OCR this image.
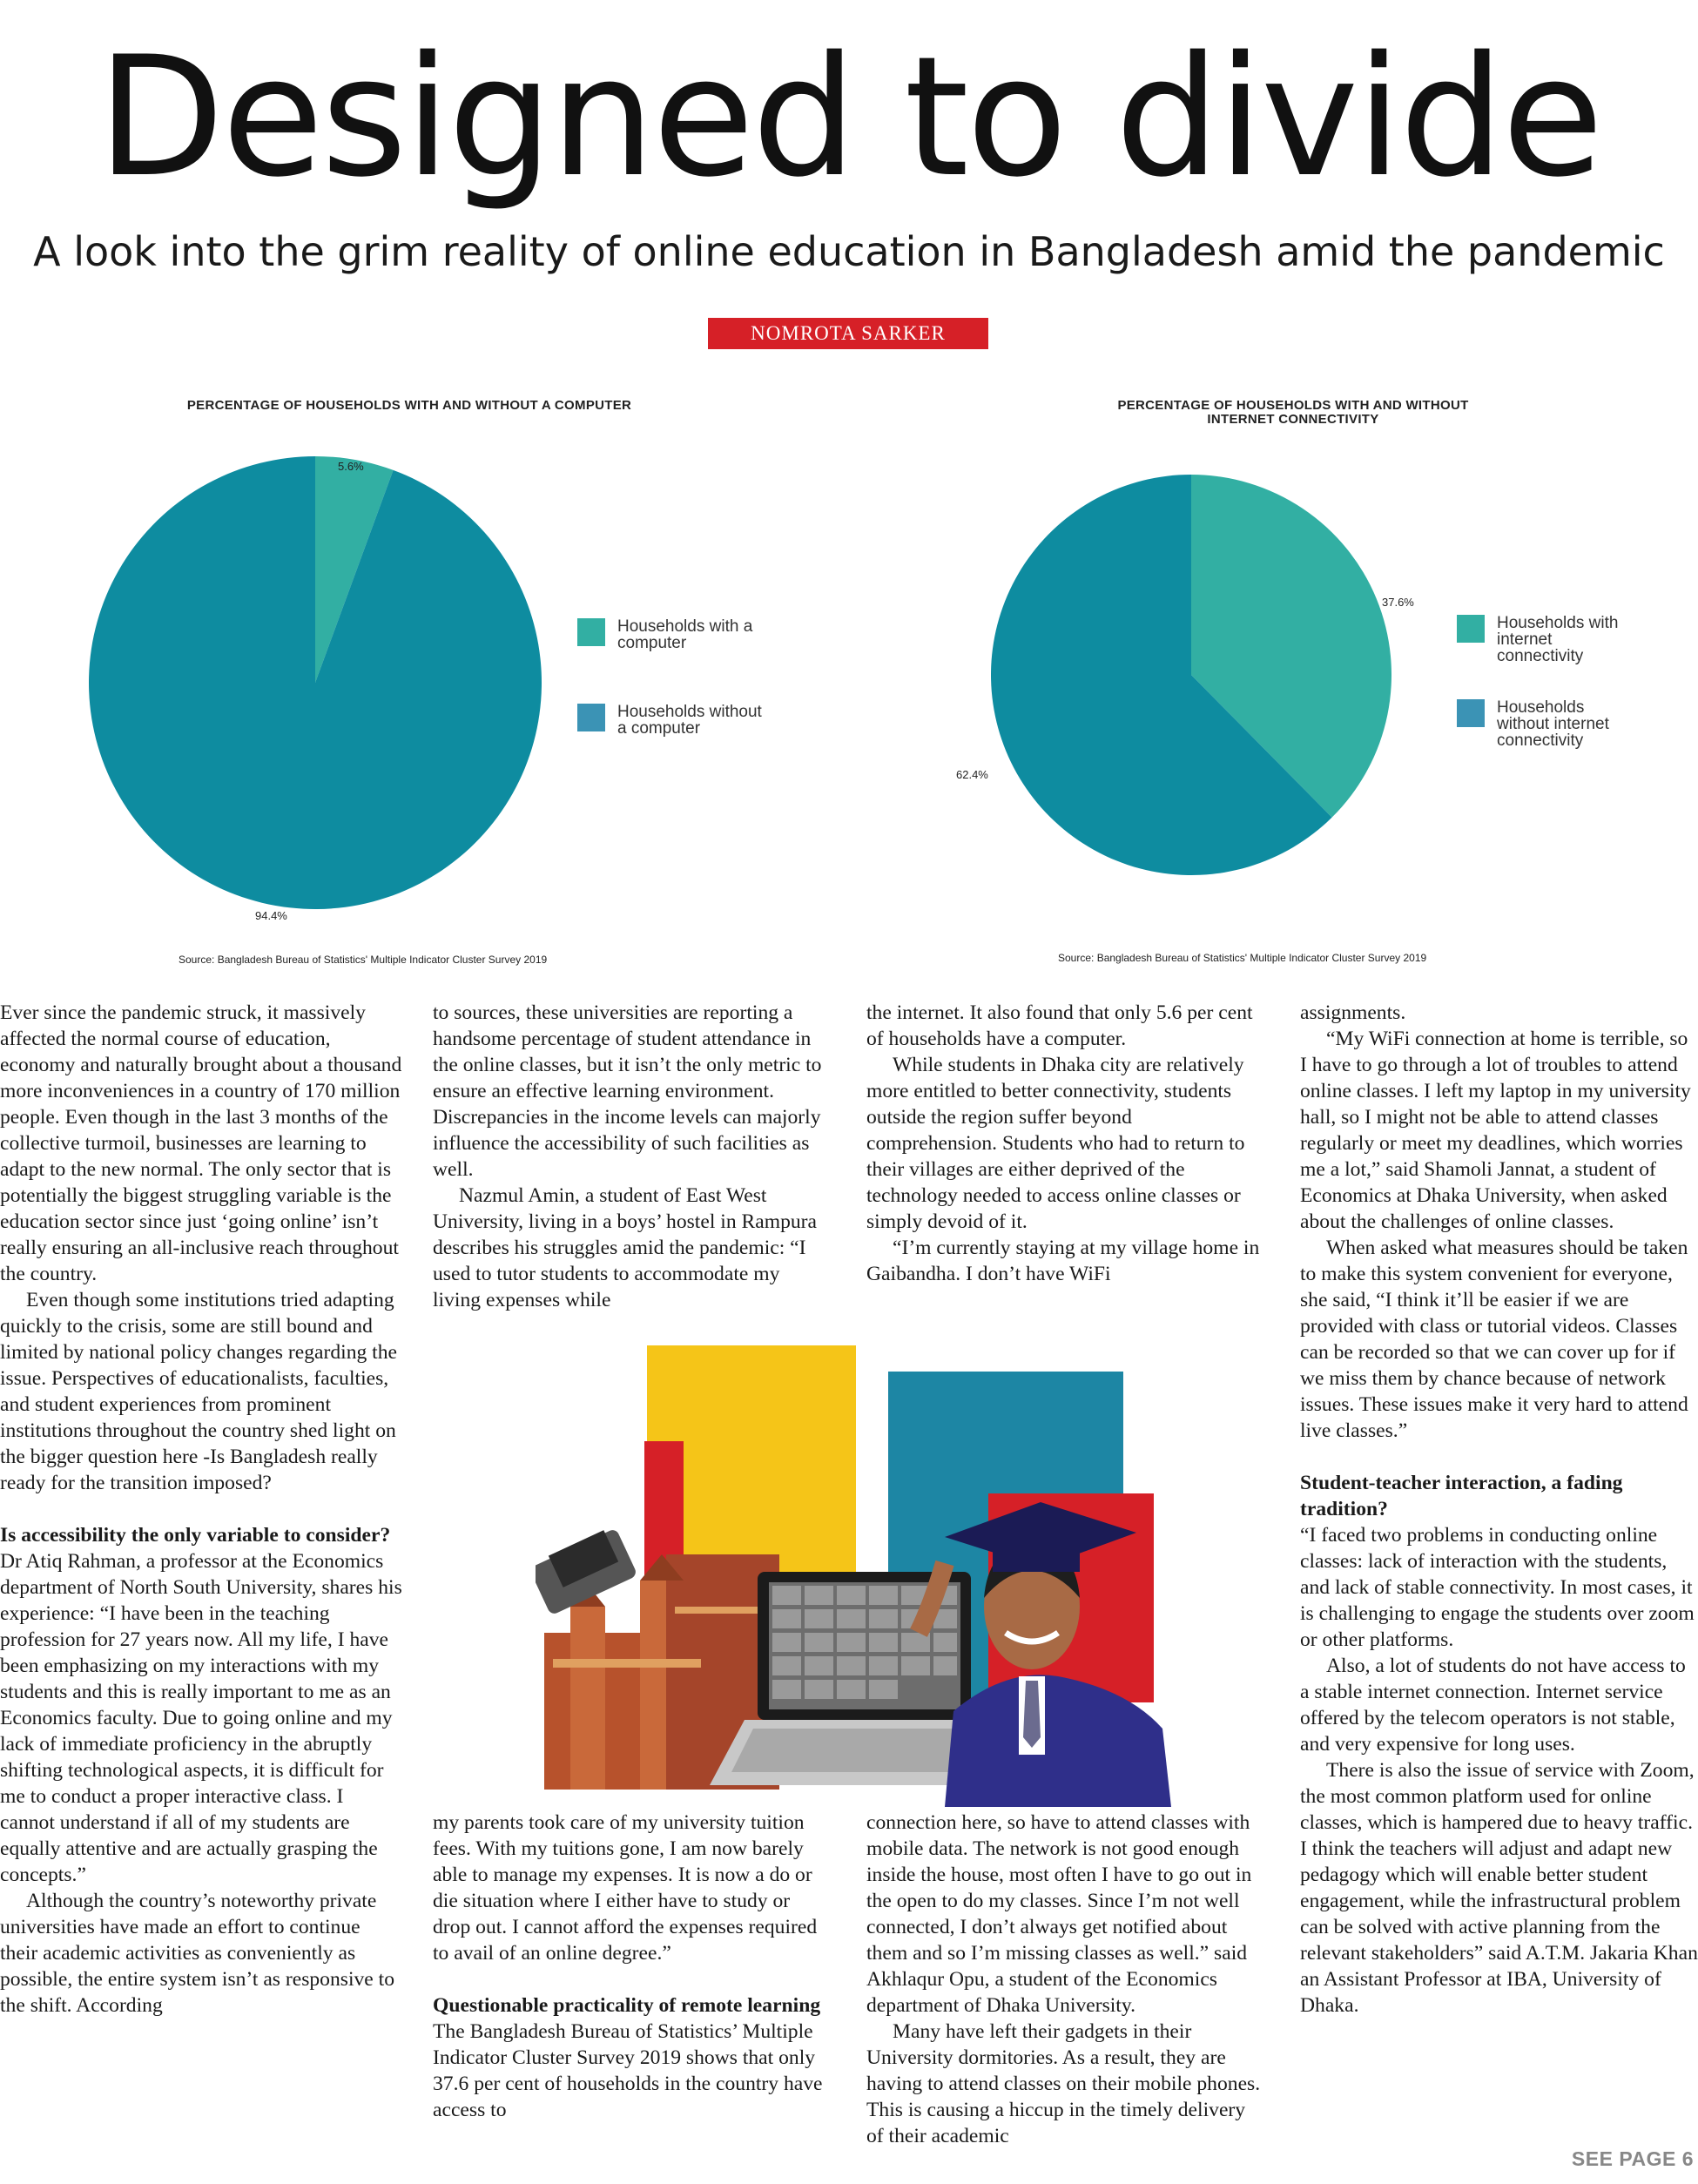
Designed to divide

A look into the grim reality of online education in Bangladesh amid the pandemic

NOMROTA SARKER
PERCENTAGE OF HOUSEHOLDS WITH AND WITHOUT A COMPUTER
5.6%
94.4%
Households with a computer
Households without a computer
Source: Bangladesh Bureau of Statistics' Multiple Indicator Cluster Survey 2019
PERCENTAGE OF HOUSEHOLDS WITH AND WITHOUT INTERNET CONNECTIVITY
37.6%
62.4%
Households with internet connectivity
Households without internet connectivity
Source: Bangladesh Bureau of Statistics' Multiple Indicator Cluster Survey 2019

Ever since the pandemic struck, it massively affected the normal course of education, economy and naturally brought about a thousand more inconveniences in a country of 170 million people. Even though in the last 3 months of the collective turmoil, businesses are learning to adapt to the new normal. The only sector that is potentially the biggest struggling variable is the education sector since just ‘going online’ isn’t really ensuring an all-inclusive reach throughout the country.

Even though some institutions tried adapting quickly to the crisis, some are still bound and limited by national policy changes regarding the issue. Perspectives of educationalists, faculties, and student experiences from prominent institutions throughout the country shed light on the bigger question here -Is Bangladesh really ready for the transition imposed?

Is accessibility the only variable to consider?

Dr Atiq Rahman, a professor at the Economics department of North South University, shares his experience: “I have been in the teaching profession for 27 years now. All my life, I have been emphasizing on my interactions with my students and this is really important to me as an Economics faculty. Due to going online and my lack of immediate proficiency in the abruptly shifting technological aspects, it is difficult for me to conduct a proper interactive class. I cannot understand if all of my students are equally attentive and are actually grasping the concepts.”

Although the country’s noteworthy private universities have made an effort to continue their academic activities as conveniently as possible, the entire system isn’t as responsive to the shift. According

to sources, these universities are reporting a handsome percentage of student attendance in the online classes, but it isn’t the only metric to ensure an effective learning environment. Discrepancies in the income levels can majorly influence the accessibility of such facilities as well.

Nazmul Amin, a student of East West University, living in a boys’ hostel in Rampura describes his struggles amid the pandemic: “I used to tutor students to accommodate my living expenses while

the internet. It also found that only 5.6 per cent of households have a computer.

While students in Dhaka city are relatively more entitled to better connectivity, students outside the region suffer beyond comprehension. Students who had to return to their villages are either deprived of the technology needed to access online classes or simply devoid of it.

“I’m currently staying at my village home in Gaibandha. I don’t have WiFi

assignments.

“My WiFi connection at home is terrible, so I have to go through a lot of troubles to attend online classes. I left my laptop in my university hall, so I might not be able to attend classes regularly or meet my deadlines, which worries me a lot,” said Shamoli Jannat, a student of Economics at Dhaka University, when asked about the challenges of online classes.

When asked what measures should be taken to make this system convenient for everyone, she said, “I think it’ll be easier if we are provided with class or tutorial videos. Classes can be recorded so that we can cover up for if we miss them by chance because of network issues. These issues make it very hard to attend live classes.”

Student-teacher interaction, a fading tradition?

“I faced two problems in conducting online classes: lack of interaction with the students, and lack of stable connectivity. In most cases, it is challenging to engage the students over zoom or other platforms.

Also, a lot of students do not have access to a stable internet connection. Internet service offered by the telecom operators is not stable, and very expensive for long uses.

There is also the issue of service with Zoom, the most common platform used for online classes, which is hampered due to heavy traffic. I think the teachers will adjust and adapt new pedagogy which will enable better student engagement, while the infrastructural problem can be solved with active planning from the relevant stakeholders” said A.T.M. Jakaria Khan an Assistant Professor at IBA, University of Dhaka.

SEE PAGE 6

my parents took care of my university tuition fees. With my tuitions gone, I am now barely able to manage my expenses. It is now a do or die situation where I either have to study or drop out. I cannot afford the expenses required to avail of an online degree.”

Questionable practicality of remote learning

The Bangladesh Bureau of Statistics’ Multiple Indicator Cluster Survey 2019 shows that only 37.6 per cent of households in the country have access to

connection here, so have to attend classes with mobile data. The network is not good enough inside the house, most often I have to go out in the open to do my classes. Since I’m not well connected, I don’t always get notified about them and so I’m missing classes as well.” said Akhlaqur Opu, a student of the Economics department of Dhaka University.

Many have left their gadgets in their University dormitories. As a result, they are having to attend classes on their mobile phones. This is causing a hiccup in the timely delivery of their academic
